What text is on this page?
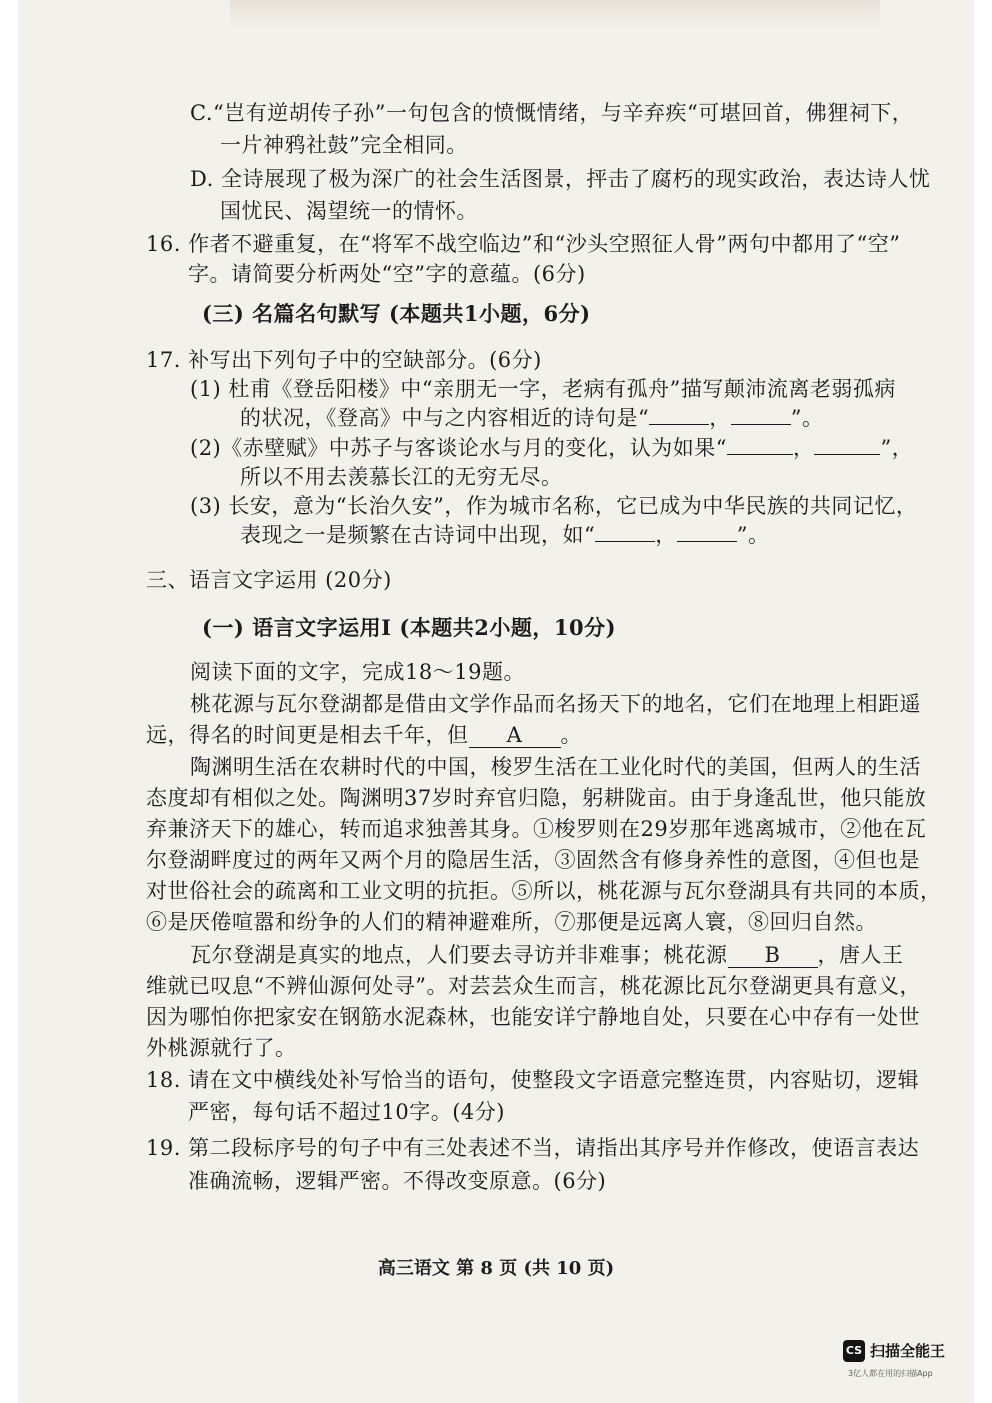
C.“岂有逆胡传子孙”一句包含的愤慨情绪，与辛弃疾“可堪回首，佛狸祠下，
一片神鸦社鼓”完全相同。
D. 全诗展现了极为深广的社会生活图景，抨击了腐朽的现实政治，表达诗人忧
国忧民、渴望统一的情怀。
16. 作者不避重复，在“将军不战空临边”和“沙头空照征人骨”两句中都用了“空”
字。请简要分析两处“空”字的意蕴。(6分)
(三) 名篇名句默写 (本题共1小题，6分)
17. 补写出下列句子中的空缺部分。(6分)
(1) 杜甫《登岳阳楼》中“亲朋无一字，老病有孤舟”描写颠沛流离老弱孤病
的状况，《登高》中与之内容相近的诗句是“	，	”。
(2)《赤壁赋》中苏子与客谈论水与月的变化，认为如果“	，	”，
所以不用去羡慕长江的无穷无尽。
(3) 长安，意为“长治久安”，作为城市名称，它已成为中华民族的共同记忆，
表现之一是频繁在古诗词中出现，如“	，	”。
三、语言文字运用 (20分)
(一) 语言文字运用Ⅰ (本题共2小题，10分)
阅读下面的文字，完成18～19题。
桃花源与瓦尔登湖都是借由文学作品而名扬天下的地名，它们在地理上相距遥
远，得名的时间更是相去千年，但 A 。
陶渊明生活在农耕时代的中国，梭罗生活在工业化时代的美国，但两人的生活
态度却有相似之处。陶渊明37岁时弃官归隐，躬耕陇亩。由于身逢乱世，他只能放
弃兼济天下的雄心，转而追求独善其身。①梭罗则在29岁那年逃离城市，②他在瓦
尔登湖畔度过的两年又两个月的隐居生活，③固然含有修身养性的意图，④但也是
对世俗社会的疏离和工业文明的抗拒。⑤所以，桃花源与瓦尔登湖具有共同的本质，
⑥是厌倦喧嚣和纷争的人们的精神避难所，⑦那便是远离人寰，⑧回归自然。
瓦尔登湖是真实的地点，人们要去寻访并非难事；桃花源 B ，唐人王
维就已叹息“不辨仙源何处寻”。对芸芸众生而言，桃花源比瓦尔登湖更具有意义，
因为哪怕你把家安在钢筋水泥森林，也能安详宁静地自处，只要在心中存有一处世
外桃源就行了。
18. 请在文中横线处补写恰当的语句，使整段文字语意完整连贯，内容贴切，逻辑
严密，每句话不超过10字。(4分)
19. 第二段标序号的句子中有三处表述不当，请指出其序号并作修改，使语言表达
准确流畅，逻辑严密。不得改变原意。(6分)
高三语文 第 8 页 (共 10 页)
CS 扫描全能王
3亿人都在用的扫描App
